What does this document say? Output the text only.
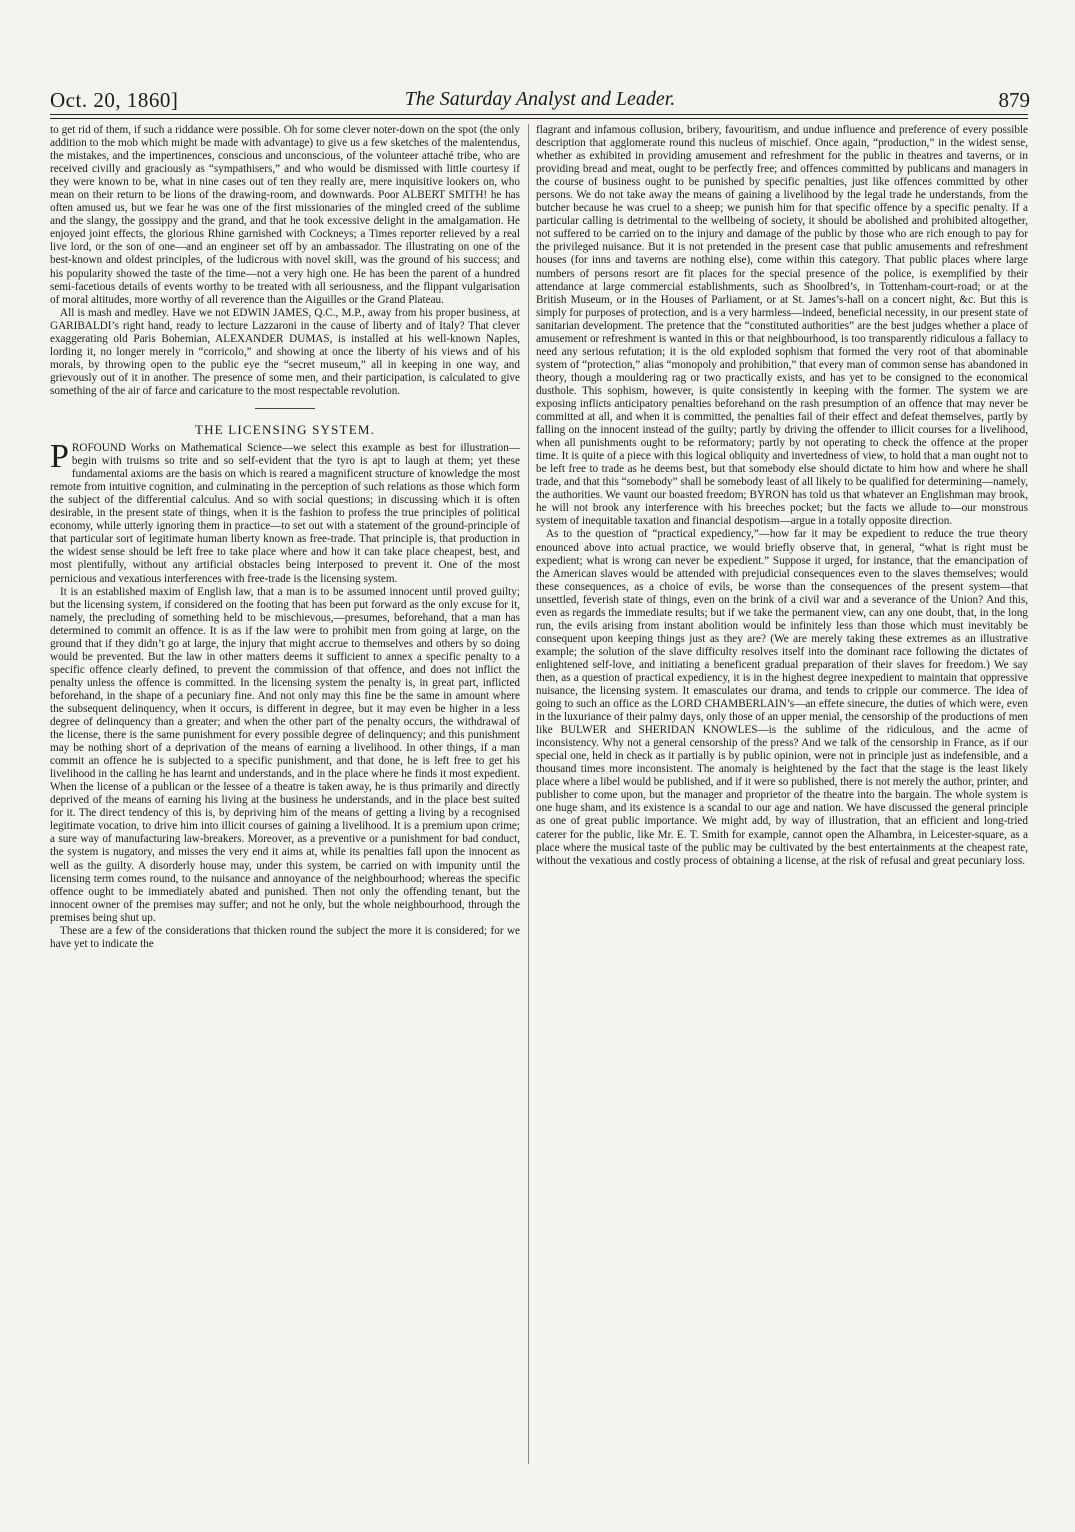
Oct. 20, 1860]	The Saturday Analyst and Leader.	879

to get rid of them, if such a riddance were possible. Oh for some clever noter-down on the spot (the only addition to the mob which might be made with advantage) to give us a few sketches of the malentendus, the mistakes, and the impertinences, conscious and unconscious, of the volunteer attaché tribe, who are received civilly and graciously as “sympathisers,” and who would be dismissed with little courtesy if they were known to be, what in nine cases out of ten they really are, mere inquisitive lookers on, who mean on their return to be lions of the drawing-room, and downwards. Poor ALBERT SMITH! he has often amused us, but we fear he was one of the first missionaries of the mingled creed of the sublime and the slangy, the gossippy and the grand, and that he took excessive delight in the amalgamation. He enjoyed joint effects, the glorious Rhine garnished with Cockneys; a Times reporter relieved by a real live lord, or the son of one—and an engineer set off by an ambassador. The illustrating on one of the best-known and oldest principles, of the ludicrous with novel skill, was the ground of his success; and his popularity showed the taste of the time—not a very high one. He has been the parent of a hundred semi-facetious details of events worthy to be treated with all seriousness, and the flippant vulgarisation of moral altitudes, more worthy of all reverence than the Aiguilles or the Grand Plateau.

All is mash and medley. Have we not EDWIN JAMES, Q.C., M.P., away from his proper business, at GARIBALDI’s right hand, ready to lecture Lazzaroni in the cause of liberty and of Italy? That clever exaggerating old Paris Bohemian, ALEXANDER DUMAS, is installed at his well-known Naples, lording it, no longer merely in “corricolo,” and showing at once the liberty of his views and of his morals, by throwing open to the public eye the “secret museum,” all in keeping in one way, and grievously out of it in another. The presence of some men, and their participation, is calculated to give something of the air of farce and caricature to the most respectable revolution.

THE LICENSING SYSTEM.

PROFOUND Works on Mathematical Science—we select this example as best for illustration—begin with truisms so trite and so self-evident that the tyro is apt to laugh at them; yet these fundamental axioms are the basis on which is reared a magnificent structure of knowledge the most remote from intuitive cognition, and culminating in the perception of such relations as those which form the subject of the differential calculus. And so with social questions; in discussing which it is often desirable, in the present state of things, when it is the fashion to profess the true principles of political economy, while utterly ignoring them in practice—to set out with a statement of the ground-principle of that particular sort of legitimate human liberty known as free-trade. That principle is, that production in the widest sense should be left free to take place where and how it can take place cheapest, best, and most plentifully, without any artificial obstacles being interposed to prevent it. One of the most pernicious and vexatious interferences with free-trade is the licensing system.

It is an established maxim of English law, that a man is to be assumed innocent until proved guilty; but the licensing system, if considered on the footing that has been put forward as the only excuse for it, namely, the precluding of something held to be mischievous,—presumes, beforehand, that a man has determined to commit an offence. It is as if the law were to prohibit men from going at large, on the ground that if they didn’t go at large, the injury that might accrue to themselves and others by so doing would be prevented. But the law in other matters deems it sufficient to annex a specific penalty to a specific offence clearly defined, to prevent the commission of that offence, and does not inflict the penalty unless the offence is committed. In the licensing system the penalty is, in great part, inflicted beforehand, in the shape of a pecuniary fine. And not only may this fine be the same in amount where the subsequent delinquency, when it occurs, is different in degree, but it may even be higher in a less degree of delinquency than a greater; and when the other part of the penalty occurs, the withdrawal of the license, there is the same punishment for every possible degree of delinquency; and this punishment may be nothing short of a deprivation of the means of earning a livelihood. In other things, if a man commit an offence he is subjected to a specific punishment, and that done, he is left free to get his livelihood in the calling he has learnt and understands, and in the place where he finds it most expedient. When the license of a publican or the lessee of a theatre is taken away, he is thus primarily and directly deprived of the means of earning his living at the business he understands, and in the place best suited for it. The direct tendency of this is, by depriving him of the means of getting a living by a recognised legitimate vocation, to drive him into illicit courses of gaining a livelihood. It is a premium upon crime; a sure way of manufacturing law-breakers. Moreover, as a preventive or a punishment for bad conduct, the system is nugatory, and misses the very end it aims at, while its penalties fall upon the innocent as well as the guilty. A disorderly house may, under this system, be carried on with impunity until the licensing term comes round, to the nuisance and annoyance of the neighbourhood; whereas the specific offence ought to be immediately abated and punished. Then not only the offending tenant, but the innocent owner of the premises may suffer; and not he only, but the whole neighbourhood, through the premises being shut up.

These are a few of the considerations that thicken round the subject the more it is considered; for we have yet to indicate the

flagrant and infamous collusion, bribery, favouritism, and undue influence and preference of every possible description that agglomerate round this nucleus of mischief. Once again, “production,” in the widest sense, whether as exhibited in providing amusement and refreshment for the public in theatres and taverns, or in providing bread and meat, ought to be perfectly free; and offences committed by publicans and managers in the course of business ought to be punished by specific penalties, just like offences committed by other persons. We do not take away the means of gaining a livelihood by the legal trade he understands, from the butcher because he was cruel to a sheep; we punish him for that specific offence by a specific penalty. If a particular calling is detrimental to the wellbeing of society, it should be abolished and prohibited altogether, not suffered to be carried on to the injury and damage of the public by those who are rich enough to pay for the privileged nuisance. But it is not pretended in the present case that public amusements and refreshment houses (for inns and taverns are nothing else), come within this category. That public places where large numbers of persons resort are fit places for the special presence of the police, is exemplified by their attendance at large commercial establishments, such as Shoolbred’s, in Tottenham-court-road; or at the British Museum, or in the Houses of Parliament, or at St. James’s-hall on a concert night, &c. But this is simply for purposes of protection, and is a very harmless—indeed, beneficial necessity, in our present state of sanitarian development. The pretence that the “constituted authorities” are the best judges whether a place of amusement or refreshment is wanted in this or that neighbourhood, is too transparently ridiculous a fallacy to need any serious refutation; it is the old exploded sophism that formed the very root of that abominable system of “protection,” alias “monopoly and prohibition,” that every man of common sense has abandoned in theory, though a mouldering rag or two practically exists, and has yet to be consigned to the economical dusthole. This sophism, however, is quite consistently in keeping with the former. The system we are exposing inflicts anticipatory penalties beforehand on the rash presumption of an offence that may never be committed at all, and when it is committed, the penalties fail of their effect and defeat themselves, partly by falling on the innocent instead of the guilty; partly by driving the offender to illicit courses for a livelihood, when all punishments ought to be reformatory; partly by not operating to check the offence at the proper time. It is quite of a piece with this logical obliquity and invertedness of view, to hold that a man ought not to be left free to trade as he deems best, but that somebody else should dictate to him how and where he shall trade, and that this “somebody” shall be somebody least of all likely to be qualified for determining—namely, the authorities. We vaunt our boasted freedom; BYRON has told us that whatever an Englishman may brook, he will not brook any interference with his breeches pocket; but the facts we allude to—our monstrous system of inequitable taxation and financial despotism—argue in a totally opposite direction.

As to the question of “practical expediency,”—how far it may be expedient to reduce the true theory enounced above into actual practice, we would briefly observe that, in general, “what is right must be expedient; what is wrong can never be expedient.” Suppose it urged, for instance, that the emancipation of the American slaves would be attended with prejudicial consequences even to the slaves themselves; would these consequences, as a choice of evils, be worse than the consequences of the present system—that unsettled, feverish state of things, even on the brink of a civil war and a severance of the Union? And this, even as regards the immediate results; but if we take the permanent view, can any one doubt, that, in the long run, the evils arising from instant abolition would be infinitely less than those which must inevitably be consequent upon keeping things just as they are? (We are merely taking these extremes as an illustrative example; the solution of the slave difficulty resolves itself into the dominant race following the dictates of enlightened self-love, and initiating a beneficent gradual preparation of their slaves for freedom.) We say then, as a question of practical expediency, it is in the highest degree inexpedient to maintain that oppressive nuisance, the licensing system. It emasculates our drama, and tends to cripple our commerce. The idea of going to such an office as the LORD CHAMBERLAIN’s—an effete sinecure, the duties of which were, even in the luxuriance of their palmy days, only those of an upper menial, the censorship of the productions of men like BULWER and SHERIDAN KNOWLES—is the sublime of the ridiculous, and the acme of inconsistency. Why not a general censorship of the press? And we talk of the censorship in France, as if our special one, held in check as it partially is by public opinion, were not in principle just as indefensible, and a thousand times more inconsistent. The anomaly is heightened by the fact that the stage is the least likely place where a libel would be published, and if it were so published, there is not merely the author, printer, and publisher to come upon, but the manager and proprietor of the theatre into the bargain. The whole system is one huge sham, and its existence is a scandal to our age and nation. We have discussed the general principle as one of great public importance. We might add, by way of illustration, that an efficient and long-tried caterer for the public, like Mr. E. T. Smith for example, cannot open the Alhambra, in Leicester-square, as a place where the musical taste of the public may be cultivated by the best entertainments at the cheapest rate, without the vexatious and costly process of obtaining a license, at the risk of refusal and great pecuniary loss.
